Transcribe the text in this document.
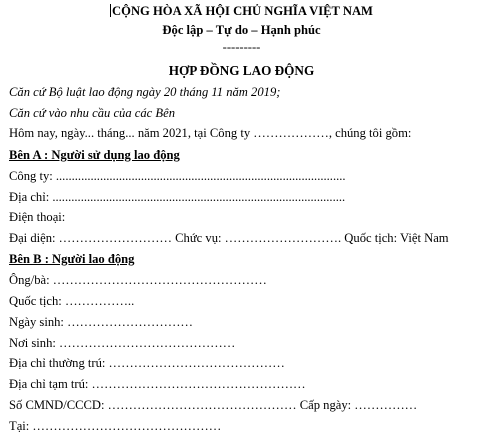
CỘNG HÒA XÃ HỘI CHỦ NGHĨA VIỆT NAM
Độc lập – Tự do – Hạnh phúc
---------
HỢP ĐỒNG LAO ĐỘNG
Căn cứ Bộ luật lao động ngày 20 tháng 11 năm 2019;
Căn cứ vào nhu cầu của các Bên
Hôm nay, ngày... tháng... năm 2021, tại Công ty ………………, chúng tôi gồm:
Bên A : Người sử dụng lao động
Công ty: ............................................................................................
Địa chỉ: .............................................................................................
Điện thoại:
Đại diện: ……………………… Chức vụ: ………………………. Quốc tịch: Việt Nam
Bên B : Người lao động
Ông/bà: ……………………………………………
Quốc tịch: ……………..
Ngày sinh: …………………………
Nơi sinh: ……………………………………
Địa chỉ thường trú: ……………………………………
Địa chỉ tạm trú: ……………………………………………
Số CMND/CCCD: ……………………………………… Cấp ngày: ……………
Tại: ………………………………………
